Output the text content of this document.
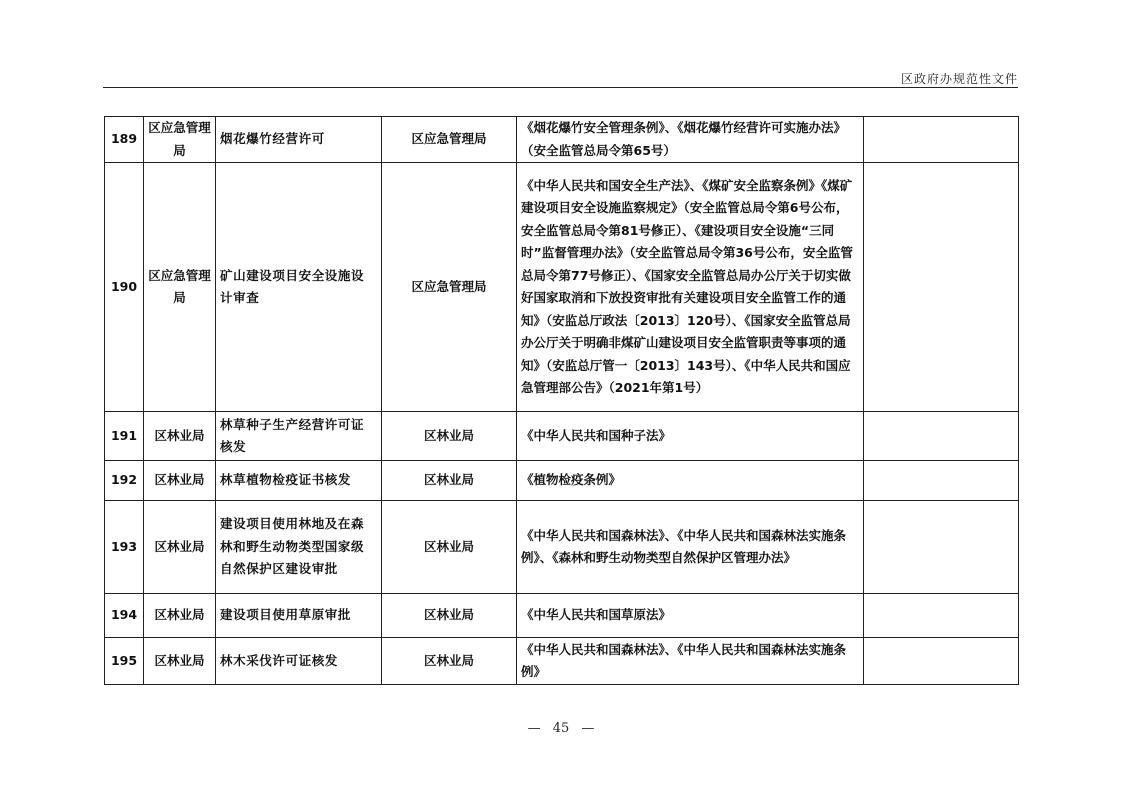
区政府办规范性文件
189	区应急管理局	烟花爆竹经营许可	区应急管理局	《烟花爆竹安全管理条例》、《烟花爆竹经营许可实施办法》（安全监管总局令第65号）	
190	区应急管理局	矿山建设项目安全设施设计审查	区应急管理局	《中华人民共和国安全生产法》、《煤矿安全监察条例》《煤矿建设项目安全设施监察规定》（安全监管总局令第6号公布，安全监管总局令第81号修正）、《建设项目安全设施“三同时”监督管理办法》（安全监管总局令第36号公布，安全监管总局令第77号修正）、《国家安全监管总局办公厅关于切实做好国家取消和下放投资审批有关建设项目安全监管工作的通知》（安监总厅政法〔2013〕120号）、《国家安全监管总局办公厅关于明确非煤矿山建设项目安全监管职责等事项的通知》（安监总厅管一〔2013〕143号）、《中华人民共和国应急管理部公告》（2021年第1号）	
191	区林业局	林草种子生产经营许可证核发	区林业局	《中华人民共和国种子法》	
192	区林业局	林草植物检疫证书核发	区林业局	《植物检疫条例》	
193	区林业局	建设项目使用林地及在森林和野生动物类型国家级自然保护区建设审批	区林业局	《中华人民共和国森林法》、《中华人民共和国森林法实施条例》、《森林和野生动物类型自然保护区管理办法》	
194	区林业局	建设项目使用草原审批	区林业局	《中华人民共和国草原法》	
195	区林业局	林木采伐许可证核发	区林业局	《中华人民共和国森林法》、《中华人民共和国森林法实施条例》	
— 45 —
